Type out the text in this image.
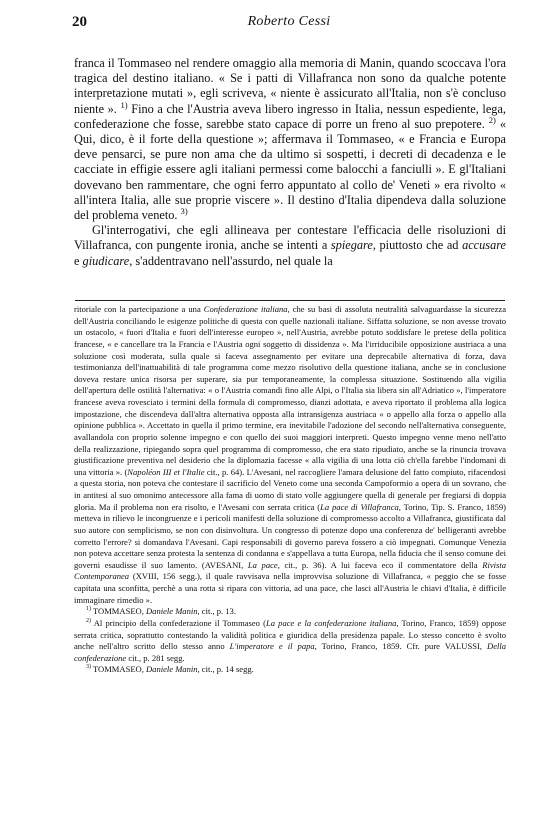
20	Roberto Cessi

franca il Tommaseo nel rendere omaggio alla memoria di Manin, quando scoccava l'ora tragica del destino italiano. « Se i patti di Villafranca non sono da qualche potente interpretazione mutati », egli scriveva, « niente è assicurato all'Italia, non s'è concluso niente ». $^{1)}$ Fino a che l'Austria aveva libero ingresso in Italia, nessun espediente, lega, confederazione che fosse, sarebbe stato capace di porre un freno al suo prepotere. $^{2)}$ « Qui, dico, è il forte della questione »; affermava il Tommaseo, « e Francia e Europa deve pensarci, se pure non ama che da ultimo si sospetti, i decreti di decadenza e le cacciate in effigie essere agli italiani permessi come balocchi a fanciulli ». E gl'Italiani dovevano ben rammentare, che ogni ferro appuntato al collo de' Veneti » era rivolto « all'intera Italia, alle sue proprie viscere ». Il destino d'Italia dipendeva dalla soluzione del problema veneto. $^{3)}$

Gl'interrogativi, che egli allineava per contestare l'efficacia delle risoluzioni di Villafranca, con pungente ironia, anche se intenti a spiegare, piuttosto che ad accusare e giudicare, s'addentravano nell'assurdo, nel quale la

ritoriale con la partecipazione a una Confederazione italiana, che su basi di assoluta neutralità salvaguardasse la sicurezza dell'Austria conciliando le esigenze politiche di questa con quelle nazionali italiane. Siffatta soluzione, se non avesse trovato un ostacolo, « fuori d'Italia e fuori dell'interesse europeo », nell'Austria, avrebbe potuto soddisfare le pretese della politica francese, « e cancellare tra la Francia e l'Austria ogni soggetto di dissidenza ». Ma l'irriducibile opposizione austriaca a una soluzione così moderata, sulla quale si faceva assegnamento per evitare una deprecabile alternativa di forza, dava testimonianza dell'inattuabilità di tale programma come mezzo risolutivo della questione italiana, anche se in conclusione doveva restare unica risorsa per superare, sia pur temporaneamente, la complessa situazione. Sostituendo alla vigilia dell'apertura delle ostilità l'alternativa: « o l'Austria comandi fino alle Alpi, o l'Italia sia libera sin all'Adriatico », l'imperatore francese aveva rovesciato i termini della formula di compromesso, dianzi adottata, e aveva riportato il problema alla logica impostazione, che discendeva dall'altra alternativa opposta alla intransigenza austriaca « o appello alla forza o appello alla opinione pubblica ». Accettato in quella il primo termine, era inevitabile l'adozione del secondo nell'alternativa conseguente, avallandola con proprio solenne impegno e con quello dei suoi maggiori interpreti. Questo impegno venne meno nell'atto della realizzazione, ripiegando sopra quel programma di compromesso, che era stato ripudiato, anche se la rinuncia trovava giustificazione preventiva nel desiderio che la diplomazia facesse « alla vigilia di una lotta ciò ch'ella farebbe l'indomani di una vittoria ». (Napoléon III et l'Italie cit., p. 64). L'Avesani, nel raccogliere l'amara delusione del fatto compiuto, rifacendosi a questa storia, non poteva che contestare il sacrificio del Veneto come una seconda Campoformio a opera di un sovrano, che in antitesi al suo omonimo antecessore alla fama di uomo di stato volle aggiungere quella di generale per fregiarsi di doppia gloria. Ma il problema non era risolto, e l'Avesani con serrata critica (La pace di Villafranca, Torino, Tip. S. Franco, 1859) metteva in rilievo le incongruenze e i pericoli manifesti della soluzione di compromesso accolto a Villafranca, giustificata dal suo autore con semplicismo, se non con disinvoltura. Un congresso di potenze dopo una conferenza de' belligeranti avrebbe corretto l'errore? si domandava l'Avesani. Capi responsabili di governo pareva fossero a ciò impegnati. Comunque Venezia non poteva accettare senza protesta la sentenza di condanna e s'appellava a tutta Europa, nella fiducia che il senso comune dei governi esaudisse il suo lamento. (AVESANI, La pace, cit., p. 36). A lui faceva eco il commentatore della Rivista Contemporanea (XVIII, 156 segg.), il quale ravvisava nella improvvisa soluzione di Villafranca, « peggio che se fosse capitata una sconfitta, perchè a una rotta si ripara con vittoria, ad una pace, che lasci all'Austria le chiavi d'Italia, è difficile immaginare rimedio ».

$^{1)}$ TOMMASEO, Daniele Manin, cit., p. 13.

$^{2)}$ Al principio della confederazione il Tommaseo (La pace e la confederazione italiana, Torino, Franco, 1859) oppose serrata critica, soprattutto contestando la validità politica e giuridica della presidenza papale. Lo stesso concetto è svolto anche nell'altro scritto dello stesso anno L'imperatore e il papa, Torino, Franco, 1859. Cfr. pure VALUSSI, Della confederazione cit., p. 281 segg.

$^{3)}$ TOMMASEO, Daniele Manin, cit., p. 14 segg.
